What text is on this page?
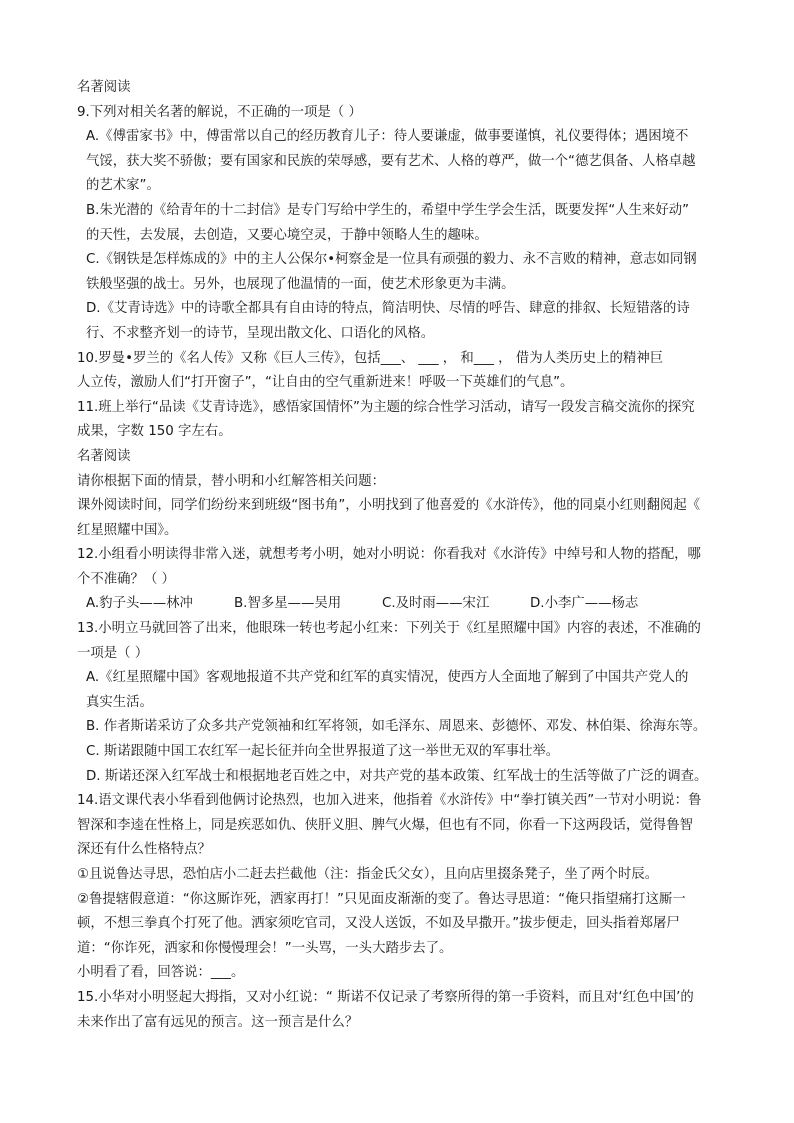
名著阅读
9.下列对相关名著的解说，不正确的一项是（ ）
A.《傅雷家书》中，傅雷常以自己的经历教育儿子：待人要谦虚，做事要谨慎，礼仪要得体；遇困境不
气馁，获大奖不骄傲；要有国家和民族的荣辱感，要有艺术、人格的尊严，做一个“德艺俱备、人格卓越
的艺术家”。
B.朱光潜的《给青年的十二封信》是专门写给中学生的，希望中学生学会生活，既要发挥“人生来好动”
的天性，去发展，去创造，又要心境空灵，于静中领略人生的趣味。
C.《钢铁是怎样炼成的》中的主人公保尔•柯察金是一位具有顽强的毅力、永不言败的精神，意志如同钢
铁般坚强的战士。另外，也展现了他温情的一面，使艺术形象更为丰满。
D.《艾青诗选》中的诗歌全都具有自由诗的特点，简洁明快、尽情的呼告、肆意的排叙、长短错落的诗
行、不求整齐划一的诗节，呈现出散文化、口语化的风格。
10.罗曼•罗兰的《名人传》又称《巨人三传》，包括___、 ___ ， 和___ ， 借为人类历史上的精神巨
人立传，激励人们“打开窗子”，“让自由的空气重新进来！呼吸一下英雄们的气息”。
11.班上举行“品读《艾青诗选》，感悟家国情怀”为主题的综合性学习活动，请写一段发言稿交流你的探究
成果，字数 150 字左右。
名著阅读
请你根据下面的情景，替小明和小红解答相关问题：
课外阅读时间，同学们纷纷来到班级“图书角”，小明找到了他喜爱的《水浒传》，他的同桌小红则翻阅起《
红星照耀中国》。
12.小组看小明读得非常入迷，就想考考小明，她对小明说：你看我对《水浒传》中绰号和人物的搭配，哪
个不准确？（ ）
A.豹子头——林冲	B.智多星——吴用	C.及时雨——宋江	D.小李广——杨志
13.小明立马就回答了出来，他眼珠一转也考起小红来：下列关于《红星照耀中国》内容的表述，不准确的
一项是（ ）
A.《红星照耀中国》客观地报道不共产党和红军的真实情况，使西方人全面地了解到了中国共产党人的
真实生活。
B. 作者斯诺采访了众多共产党领袖和红军将领，如毛泽东、周恩来、彭德怀、邓发、林伯渠、徐海东等。
C. 斯诺跟随中国工农红军一起长征并向全世界报道了这一举世无双的军事壮举。
D. 斯诺还深入红军战士和根据地老百姓之中，对共产党的基本政策、红军战士的生活等做了广泛的调查。
14.语文课代表小华看到他俩讨论热烈，也加入进来，他指着《水浒传》中“拳打镇关西”一节对小明说：鲁
智深和李逵在性格上，同是疾恶如仇、侠肝义胆、脾气火爆，但也有不同，你看一下这两段话，觉得鲁智
深还有什么性格特点？
①且说鲁达寻思，恐怕店小二赶去拦截他（注：指金氏父女），且向店里掇条凳子，坐了两个时辰。
②鲁提辖假意道：“你这厮诈死，洒家再打！”只见面皮渐渐的变了。鲁达寻思道：“俺只指望痛打这厮一
顿，不想三拳真个打死了他。洒家须吃官司，又没人送饭，不如及早撒开。”拔步便走，回头指着郑屠尸
道：“你诈死，洒家和你慢慢理会！”一头骂，一头大踏步去了。
小明看了看，回答说：___。
15.小华对小明竖起大拇指，又对小红说：“ 斯诺不仅记录了考察所得的第一手资料，而且对‘红色中国’的
未来作出了富有远见的预言。这一预言是什么？
